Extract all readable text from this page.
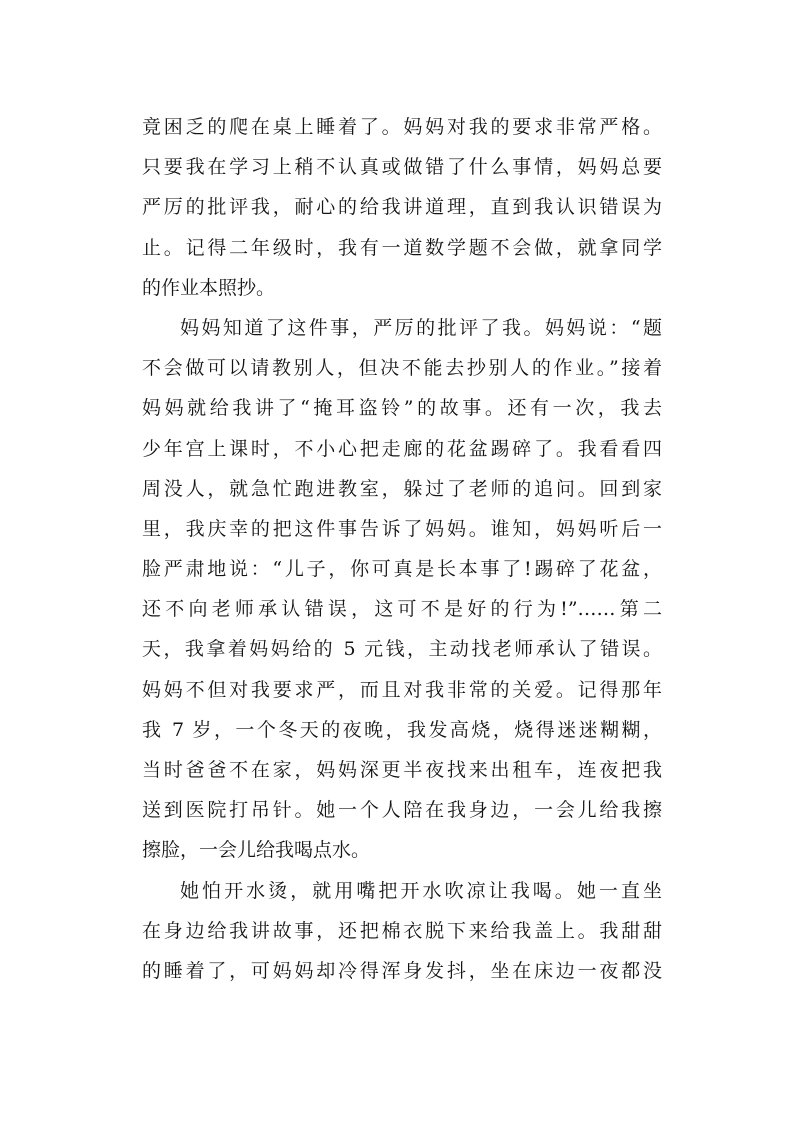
竟困乏的爬在桌上睡着了。妈妈对我的要求非常严格。
只要我在学习上稍不认真或做错了什么事情，妈妈总要
严厉的批评我，耐心的给我讲道理，直到我认识错误为
止。记得二年级时，我有一道数学题不会做，就拿同学
的作业本照抄。
妈妈知道了这件事，严厉的批评了我。妈妈说：“题
不会做可以请教别人，但决不能去抄别人的作业。”接着
妈妈就给我讲了“掩耳盗铃”的故事。还有一次，我去
少年宫上课时，不小心把走廊的花盆踢碎了。我看看四
周没人，就急忙跑进教室，躲过了老师的追问。回到家
里，我庆幸的把这件事告诉了妈妈。谁知，妈妈听后一
脸严肃地说：“儿子，你可真是长本事了!踢碎了花盆，
还不向老师承认错误，这可不是好的行为!”……第二
天，我拿着妈妈给的 5 元钱，主动找老师承认了错误。
妈妈不但对我要求严，而且对我非常的关爱。记得那年
我 7 岁，一个冬天的夜晚，我发高烧，烧得迷迷糊糊，
当时爸爸不在家，妈妈深更半夜找来出租车，连夜把我
送到医院打吊针。她一个人陪在我身边，一会儿给我擦
擦脸，一会儿给我喝点水。
她怕开水烫，就用嘴把开水吹凉让我喝。她一直坐
在身边给我讲故事，还把棉衣脱下来给我盖上。我甜甜
的睡着了，可妈妈却冷得浑身发抖，坐在床边一夜都没
